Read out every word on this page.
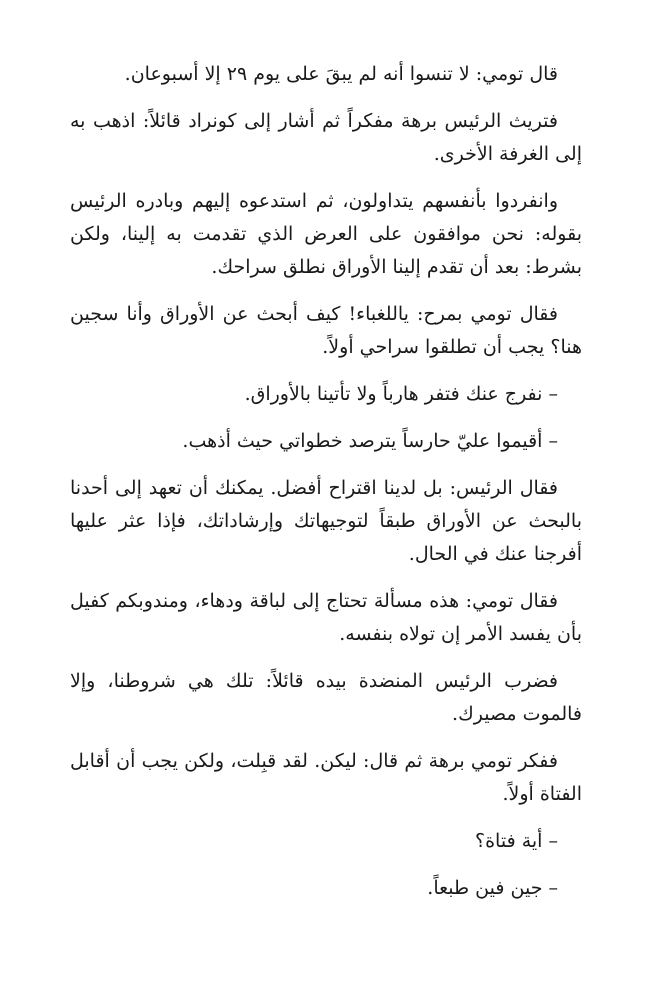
قال تومي: لا تنسوا أنه لم يبقَ على يوم ٢٩ إلا أسبوعان.

فتريث الرئيس برهة مفكراً ثم أشار إلى كونراد قائلاً: اذهب به إلى الغرفة الأخرى.

وانفردوا بأنفسهم يتداولون، ثم استدعوه إليهم وبادره الرئيس بقوله: نحن موافقون على العرض الذي تقدمت به إلينا، ولكن بشرط: بعد أن تقدم إلينا الأوراق نطلق سراحك.

فقال تومي بمرح: ياللغباء! كيف أبحث عن الأوراق وأنا سجين هنا؟ يجب أن تطلقوا سراحي أولاً.

– نفرج عنك فتفر هارباً ولا تأتينا بالأوراق.

– أقيموا عليّ حارساً يترصد خطواتي حيث أذهب.

فقال الرئيس: بل لدينا اقتراح أفضل. يمكنك أن تعهد إلى أحدنا بالبحث عن الأوراق طبقاً لتوجيهاتك وإرشاداتك، فإذا عثر عليها أفرجنا عنك في الحال.

فقال تومي: هذه مسألة تحتاج إلى لباقة ودهاء، ومندوبكم كفيل بأن يفسد الأمر إن تولاه بنفسه.

فضرب الرئيس المنضدة بيده قائلاً: تلك هي شروطنا، وإلا فالموت مصيرك.

ففكر تومي برهة ثم قال: ليكن. لقد قبِلت، ولكن يجب أن أقابل الفتاة أولاً.

– أية فتاة؟

– جين فين طبعاً.
